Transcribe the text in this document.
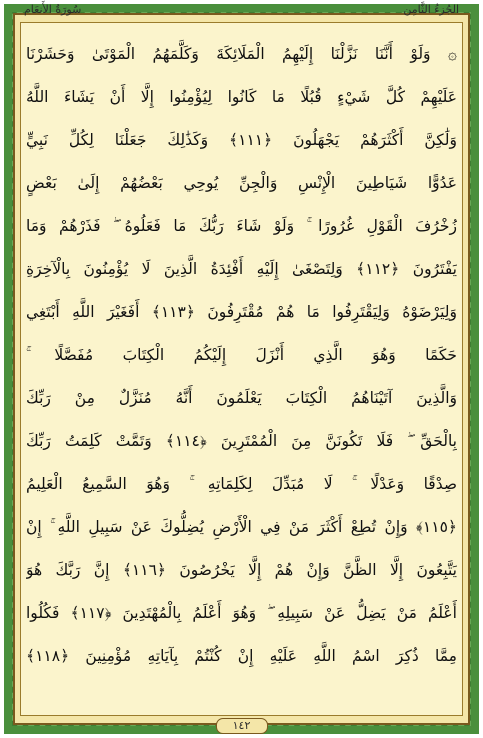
سُورَةُ الأَنعَام	الجُزءُ الثَّامِن
۞ وَلَوْ أَنَّنَا نَزَّلْنَا إِلَيْهِمُ الْمَلَائِكَةَ وَكَلَّمَهُمُ الْمَوْتَىٰ وَحَشَرْنَا
عَلَيْهِمْ كُلَّ شَيْءٍ قُبُلًا مَا كَانُوا لِيُؤْمِنُوا إِلَّا أَنْ يَشَاءَ اللَّهُ
وَلَٰكِنَّ أَكْثَرَهُمْ يَجْهَلُونَ ﴿١١١﴾ وَكَذَٰلِكَ جَعَلْنَا لِكُلِّ نَبِيٍّ
عَدُوًّا شَيَاطِينَ الْإِنْسِ وَالْجِنِّ يُوحِي بَعْضُهُمْ إِلَىٰ بَعْضٍ
زُخْرُفَ الْقَوْلِ غُرُورًا ۚ وَلَوْ شَاءَ رَبُّكَ مَا فَعَلُوهُ ۖ فَذَرْهُمْ وَمَا
يَفْتَرُونَ ﴿١١٢﴾ وَلِتَصْغَىٰ إِلَيْهِ أَفْئِدَةُ الَّذِينَ لَا يُؤْمِنُونَ بِالْآخِرَةِ
وَلِيَرْضَوْهُ وَلِيَقْتَرِفُوا مَا هُمْ مُقْتَرِفُونَ ﴿١١٣﴾ أَفَغَيْرَ اللَّهِ أَبْتَغِي
حَكَمًا وَهُوَ الَّذِي أَنْزَلَ إِلَيْكُمُ الْكِتَابَ مُفَصَّلًا ۚ
وَالَّذِينَ آتَيْنَاهُمُ الْكِتَابَ يَعْلَمُونَ أَنَّهُ مُنَزَّلٌ مِنْ رَبِّكَ
بِالْحَقِّ ۖ فَلَا تَكُونَنَّ مِنَ الْمُمْتَرِينَ ﴿١١٤﴾ وَتَمَّتْ كَلِمَتُ رَبِّكَ
صِدْقًا وَعَدْلًا ۚ لَا مُبَدِّلَ لِكَلِمَاتِهِ ۚ وَهُوَ السَّمِيعُ الْعَلِيمُ
﴿١١٥﴾ وَإِنْ تُطِعْ أَكْثَرَ مَنْ فِي الْأَرْضِ يُضِلُّوكَ عَنْ سَبِيلِ اللَّهِ ۚ إِنْ
يَتَّبِعُونَ إِلَّا الظَّنَّ وَإِنْ هُمْ إِلَّا يَخْرُصُونَ ﴿١١٦﴾ إِنَّ رَبَّكَ هُوَ
أَعْلَمُ مَنْ يَضِلُّ عَنْ سَبِيلِهِ ۖ وَهُوَ أَعْلَمُ بِالْمُهْتَدِينَ ﴿١١٧﴾ فَكُلُوا
مِمَّا ذُكِرَ اسْمُ اللَّهِ عَلَيْهِ إِنْ كُنْتُمْ بِآيَاتِهِ مُؤْمِنِينَ ﴿١١٨﴾
١٤٢
